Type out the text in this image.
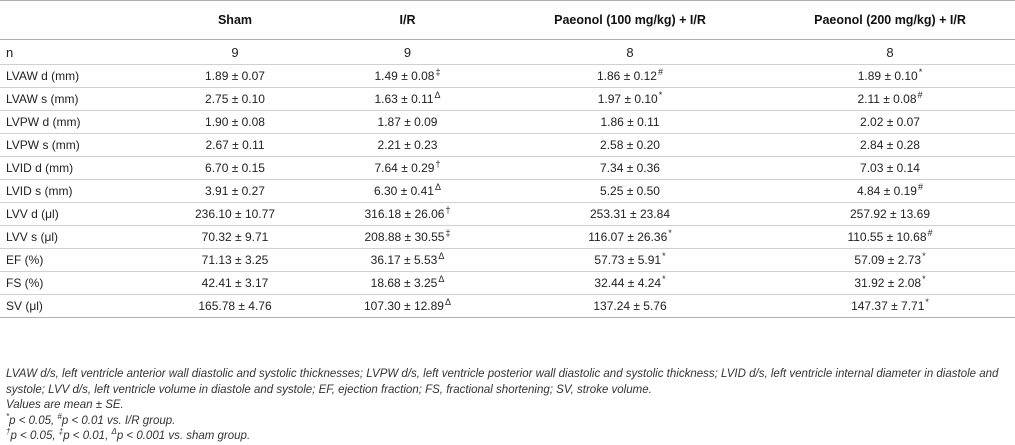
	Sham	I/R	Paeonol (100 mg/kg) + I/R	Paeonol (200 mg/kg) + I/R
n	9	9	8	8
LVAW d (mm)	1.89 ± 0.07	1.49 ± 0.08‡	1.86 ± 0.12#	1.89 ± 0.10*
LVAW s (mm)	2.75 ± 0.10	$1.63 \pm 0.11^\Delta$	1.97 ± 0.10*	2.11 ± 0.08#
LVPW d (mm)	1.90 ± 0.08	1.87 ± 0.09	1.86 ± 0.11	2.02 ± 0.07
LVPW s (mm)	2.67 ± 0.11	2.21 ± 0.23	2.58 ± 0.20	2.84 ± 0.28
LVID d (mm)	6.70 ± 0.15	7.64 ± 0.29†	7.34 ± 0.36	7.03 ± 0.14
LVID s (mm)	3.91 ± 0.27	$6.30 \pm 0.41^\Delta$	5.25 ± 0.50	4.84 ± 0.19#
LVV d (μl)	236.10 ± 10.77	316.18 ± 26.06†	253.31 ± 23.84	257.92 ± 13.69
LVV s (μl)	70.32 ± 9.71	208.88 ± 30.55‡	116.07 ± 26.36*	110.55 ± 10.68#
EF (%)	71.13 ± 3.25	$36.17 \pm 5.53^\Delta$	57.73 ± 5.91*	57.09 ± 2.73*
FS (%)	42.41 ± 3.17	$18.68 \pm 3.25^\Delta$	32.44 ± 4.24*	31.92 ± 2.08*
SV (μl)	165.78 ± 4.76	$107.30 \pm 12.89^\Delta$	137.24 ± 5.76	147.37 ± 7.71*

LVAW d/s, left ventricle anterior wall diastolic and systolic thicknesses; LVPW d/s, left ventricle posterior wall diastolic and systolic thickness; LVID d/s, left ventricle internal diameter in diastole and systole; LVV d/s, left ventricle volume in diastole and systole; EF, ejection fraction; FS, fractional shortening; SV, stroke volume.

Values are mean ± SE.

*p < 0.05, #p < 0.01 vs. I/R group.

†p < 0.05, ‡p < 0.01, $^\Delta$p < 0.001 vs. sham group.
